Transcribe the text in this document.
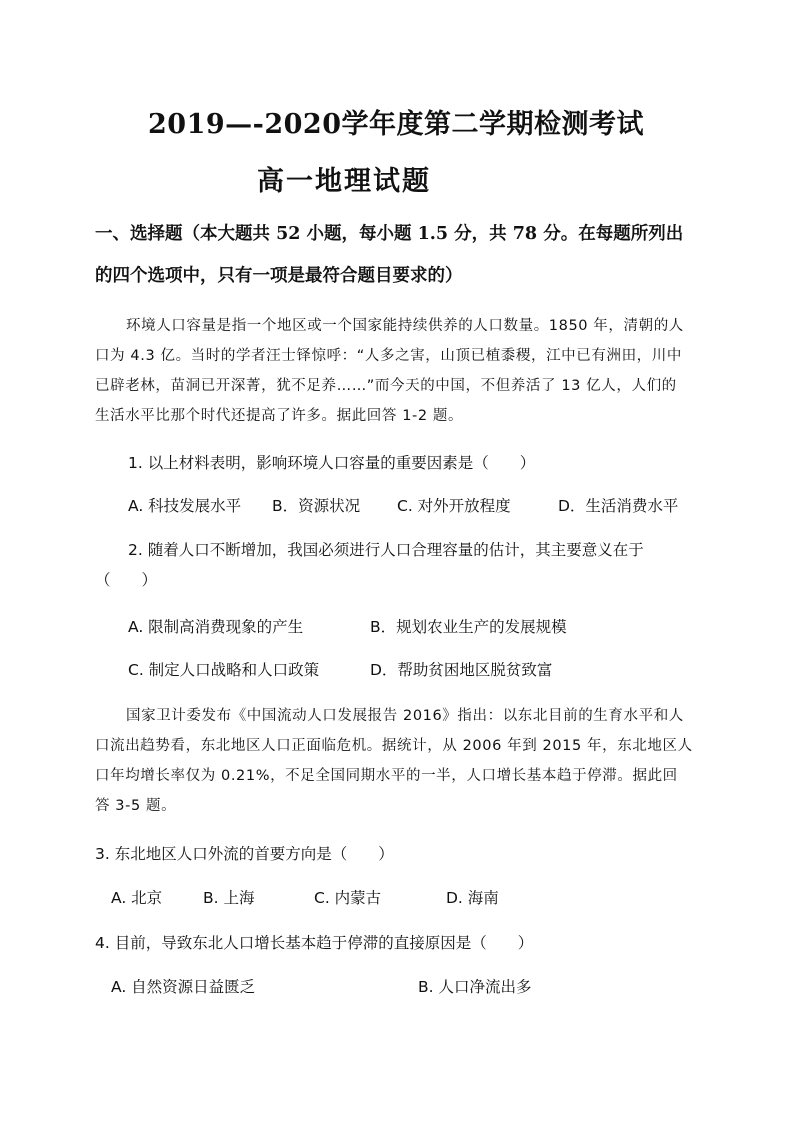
2019—-2020学年度第二学期检测考试
高一地理试题
一、选择题（本大题共 52 小题，每小题 1.5 分，共 78 分。在每题所列出
的四个选项中，只有一项是最符合题目要求的）
环境人口容量是指一个地区或一个国家能持续供养的人口数量。1850 年，清朝的人
口为 4.3 亿。当时的学者汪士铎惊呼：“人多之害，山顶已植黍稷，江中已有洲田，川中
已辟老林，苗洞已开深菁，犹不足养……”而今天的中国，不但养活了 13 亿人，人们的
生活水平比那个时代还提高了许多。据此回答 1-2 题。
1. 以上材料表明，影响环境人口容量的重要因素是（　　）
A. 科技发展水平 B．资源状况 C. 对外开放程度	D．生活消费水平
2. 随着人口不断增加，我国必须进行人口合理容量的估计，其主要意义在于
（　　）
A. 限制高消费现象的产生	B．规划农业生产的发展规模
C. 制定人口战略和人口政策	D．帮助贫困地区脱贫致富
国家卫计委发布《中国流动人口发展报告 2016》指出：以东北目前的生育水平和人
口流出趋势看，东北地区人口正面临危机。据统计，从 2006 年到 2015 年，东北地区人
口年均增长率仅为 0.21%，不足全国同期水平的一半，人口增长基本趋于停滞。据此回
答 3-5 题。
3. 东北地区人口外流的首要方向是（　　）
A. 北京	B. 上海	C. 内蒙古	D. 海南
4. 目前，导致东北人口增长基本趋于停滞的直接原因是（　　）
A. 自然资源日益匮乏	B. 人口净流出多
